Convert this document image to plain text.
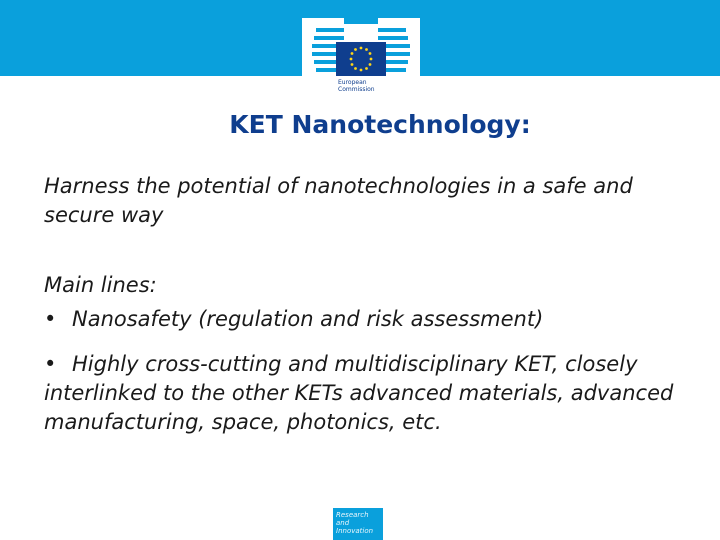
European
Commission
KET Nanotechnology:

Harness the potential of nanotechnologies in a safe and secure way

Main lines:

• Nanosafety (regulation and risk assessment)

• Highly cross-cutting and multidisciplinary KET, closely interlinked to the other KETs advanced materials, advanced manufacturing, space, photonics, etc.

Research and
Innovation
